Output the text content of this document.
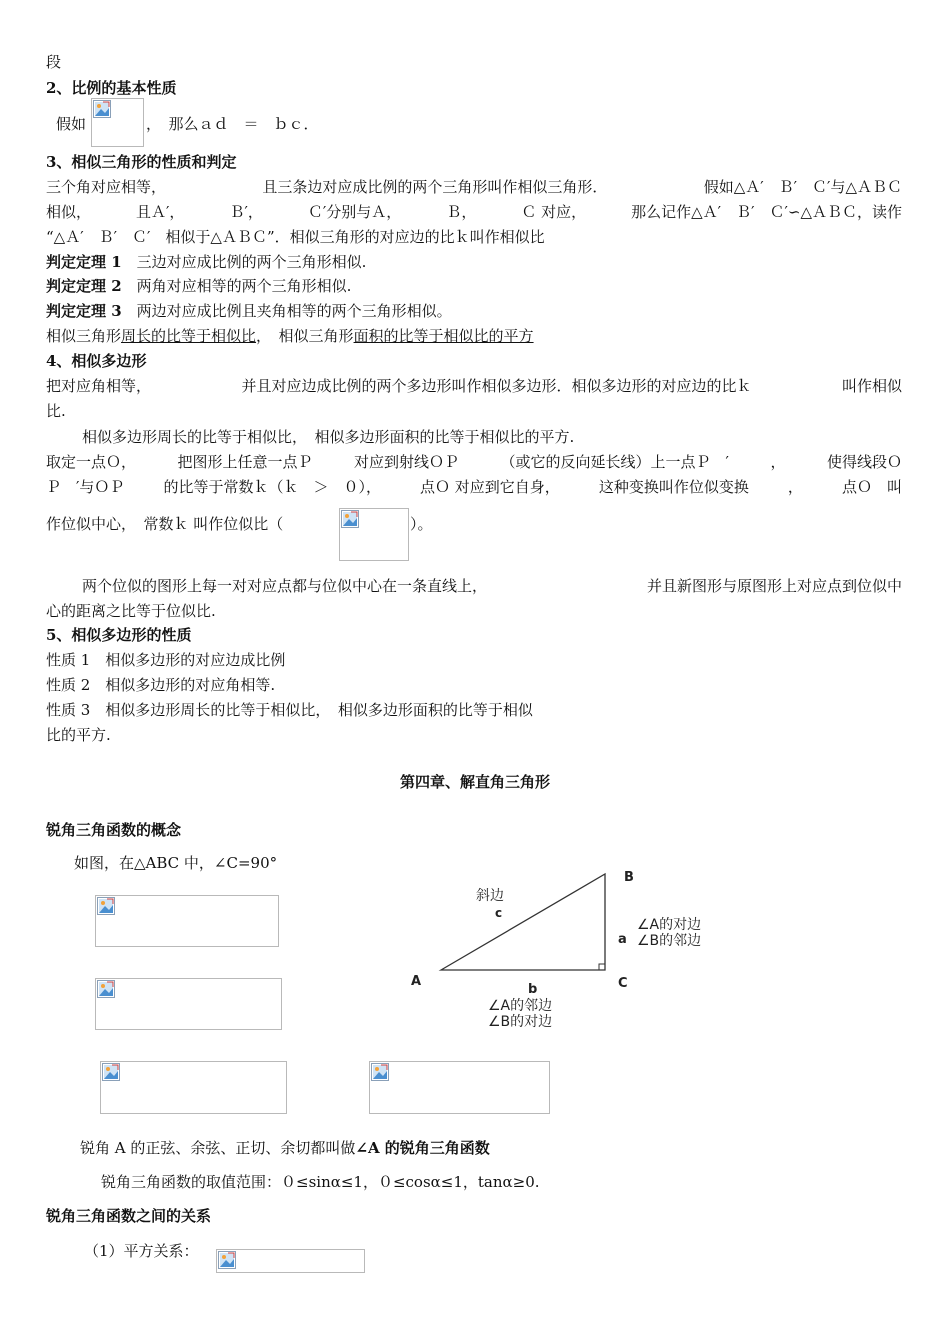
段
2、比例的基本性质
假如	，　那么ａｄ　＝　ｂｃ．
3、相似三角形的性质和判定
三个角对应相等，	且三条边对应成比例的两个三角形叫作相似三角形．	假如△Ａ′　Ｂ′　Ｃ′与△ＡＢＣ
相似，	且Ａ′，	Ｂ′，	Ｃ′分别与Ａ，	Ｂ，	Ｃ 对应，	那么记作△Ａ′　Ｂ′　Ｃ′∽△ＡＢＣ，读作
“△Ａ′　Ｂ′　Ｃ′　相似于△ＡＢＣ”．相似三角形的对应边的比ｋ叫作相似比
判定定理 1　三边对应成比例的两个三角形相似.
判定定理 2　两角对应相等的两个三角形相似.
判定定理 3　两边对应成比例且夹角相等的两个三角形相似。
相似三角形周长的比等于相似比，　相似三角形面积的比等于相似比的平方
4、相似多边形
把对应角相等，	并且对应边成比例的两个多边形叫作相似多边形．相似多边形的对应边的比ｋ	叫作相似
比.
相似多边形周长的比等于相似比，　相似多边形面积的比等于相似比的平方.
取定一点Ｏ，	把图形上任意一点Ｐ	对应到射线ＯＰ	（或它的反向延长线）上一点Ｐ　′	，	使得线段Ｏ
Ｐ　′与ＯＰ	的比等于常数ｋ（ｋ　＞　０），	点Ｏ 对应到它自身，	这种变换叫作位似变换	，	点Ｏ　叫
作位似中心，　常数ｋ 叫作位似比（	）。
两个位似的图形上每一对对应点都与位似中心在一条直线上，	并且新图形与原图形上对应点到位似中
心的距离之比等于位似比.
5、相似多边形的性质
性质 1　相似多边形的对应边成比例
性质 2　相似多边形的对应角相等.
性质 3　相似多边形周长的比等于相似比，　相似多边形面积的比等于相似
比的平方.
第四章、解直角三角形
锐角三角函数的概念
如图，在△ABC 中，∠C=90°
斜边
c
B
a
∠A的对边
∠B的邻边
A	C
b
∠A的邻边
∠B的对边
锐角 A 的正弦、余弦、正切、余切都叫做∠A 的锐角三角函数
锐角三角函数的取值范围：０≤sinα≤1，０≤cosα≤1，tanα≥0.
锐角三角函数之间的关系
（1）平方关系：
